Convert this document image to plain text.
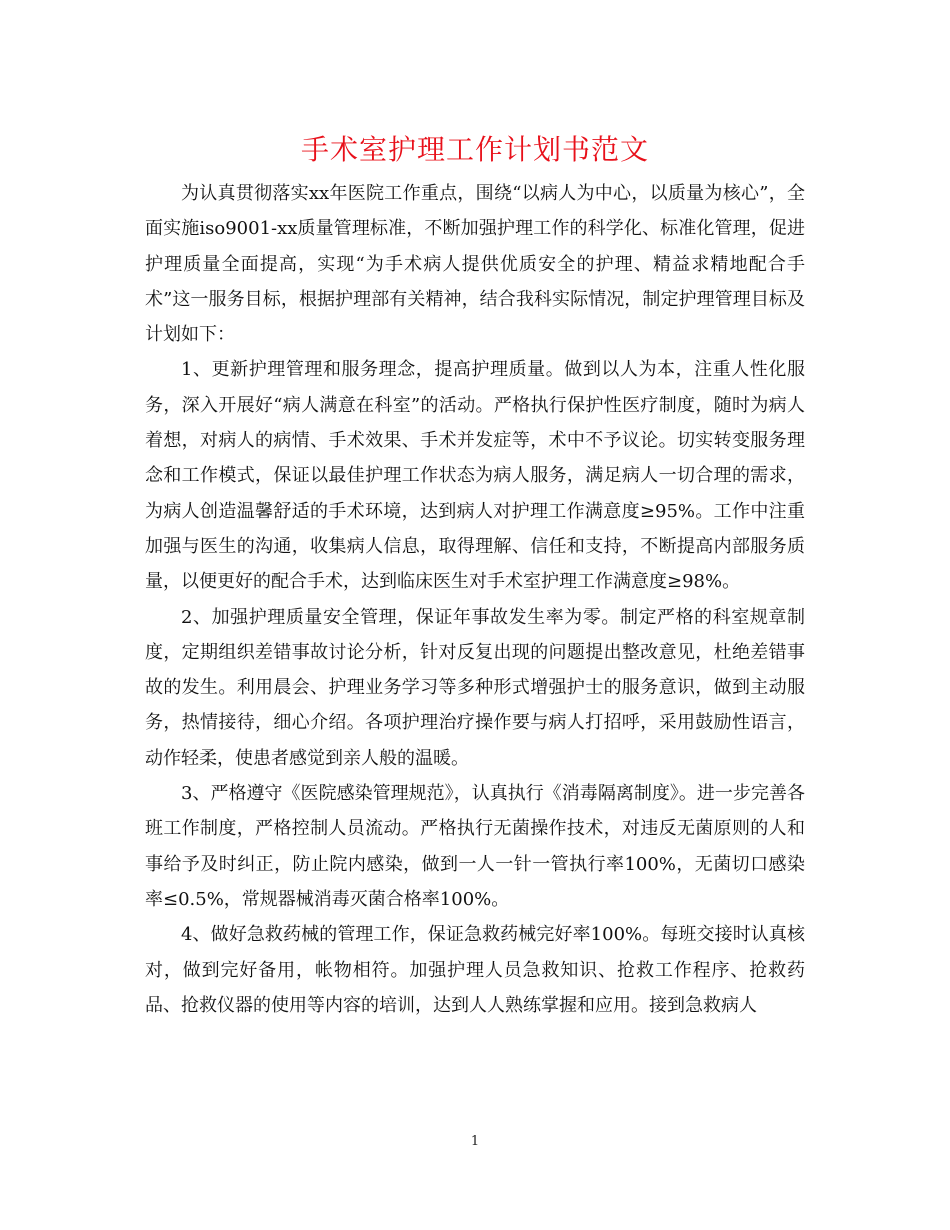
手术室护理工作计划书范文

为认真贯彻落实xx年医院工作重点，围绕“以病人为中心，以质量为核心”，全面实施iso9001-xx质量管理标准，不断加强护理工作的科学化、标准化管理，促进护理质量全面提高，实现“为手术病人提供优质安全的护理、精益求精地配合手术”这一服务目标，根据护理部有关精神，结合我科实际情况，制定护理管理目标及计划如下：

1、更新护理管理和服务理念，提高护理质量。做到以人为本，注重人性化服务，深入开展好“病人满意在科室”的活动。严格执行保护性医疗制度，随时为病人着想，对病人的病情、手术效果、手术并发症等，术中不予议论。切实转变服务理念和工作模式，保证以最佳护理工作状态为病人服务，满足病人一切合理的需求，为病人创造温馨舒适的手术环境，达到病人对护理工作满意度≥95%。工作中注重加强与医生的沟通，收集病人信息，取得理解、信任和支持，不断提高内部服务质量，以便更好的配合手术，达到临床医生对手术室护理工作满意度≥98%。

2、加强护理质量安全管理，保证年事故发生率为零。制定严格的科室规章制度，定期组织差错事故讨论分析，针对反复出现的问题提出整改意见，杜绝差错事故的发生。利用晨会、护理业务学习等多种形式增强护士的服务意识，做到主动服务，热情接待，细心介绍。各项护理治疗操作要与病人打招呼，采用鼓励性语言，动作轻柔，使患者感觉到亲人般的温暖。

3、严格遵守《医院感染管理规范》，认真执行《消毒隔离制度》。进一步完善各班工作制度，严格控制人员流动。严格执行无菌操作技术，对违反无菌原则的人和事给予及时纠正，防止院内感染，做到一人一针一管执行率100%，无菌切口感染率≤0.5%，常规器械消毒灭菌合格率100%。

4、做好急救药械的管理工作，保证急救药械完好率100%。每班交接时认真核对，做到完好备用，帐物相符。加强护理人员急救知识、抢救工作程序、抢救药品、抢救仪器的使用等内容的培训，达到人人熟练掌握和应用。接到急救病人

1
